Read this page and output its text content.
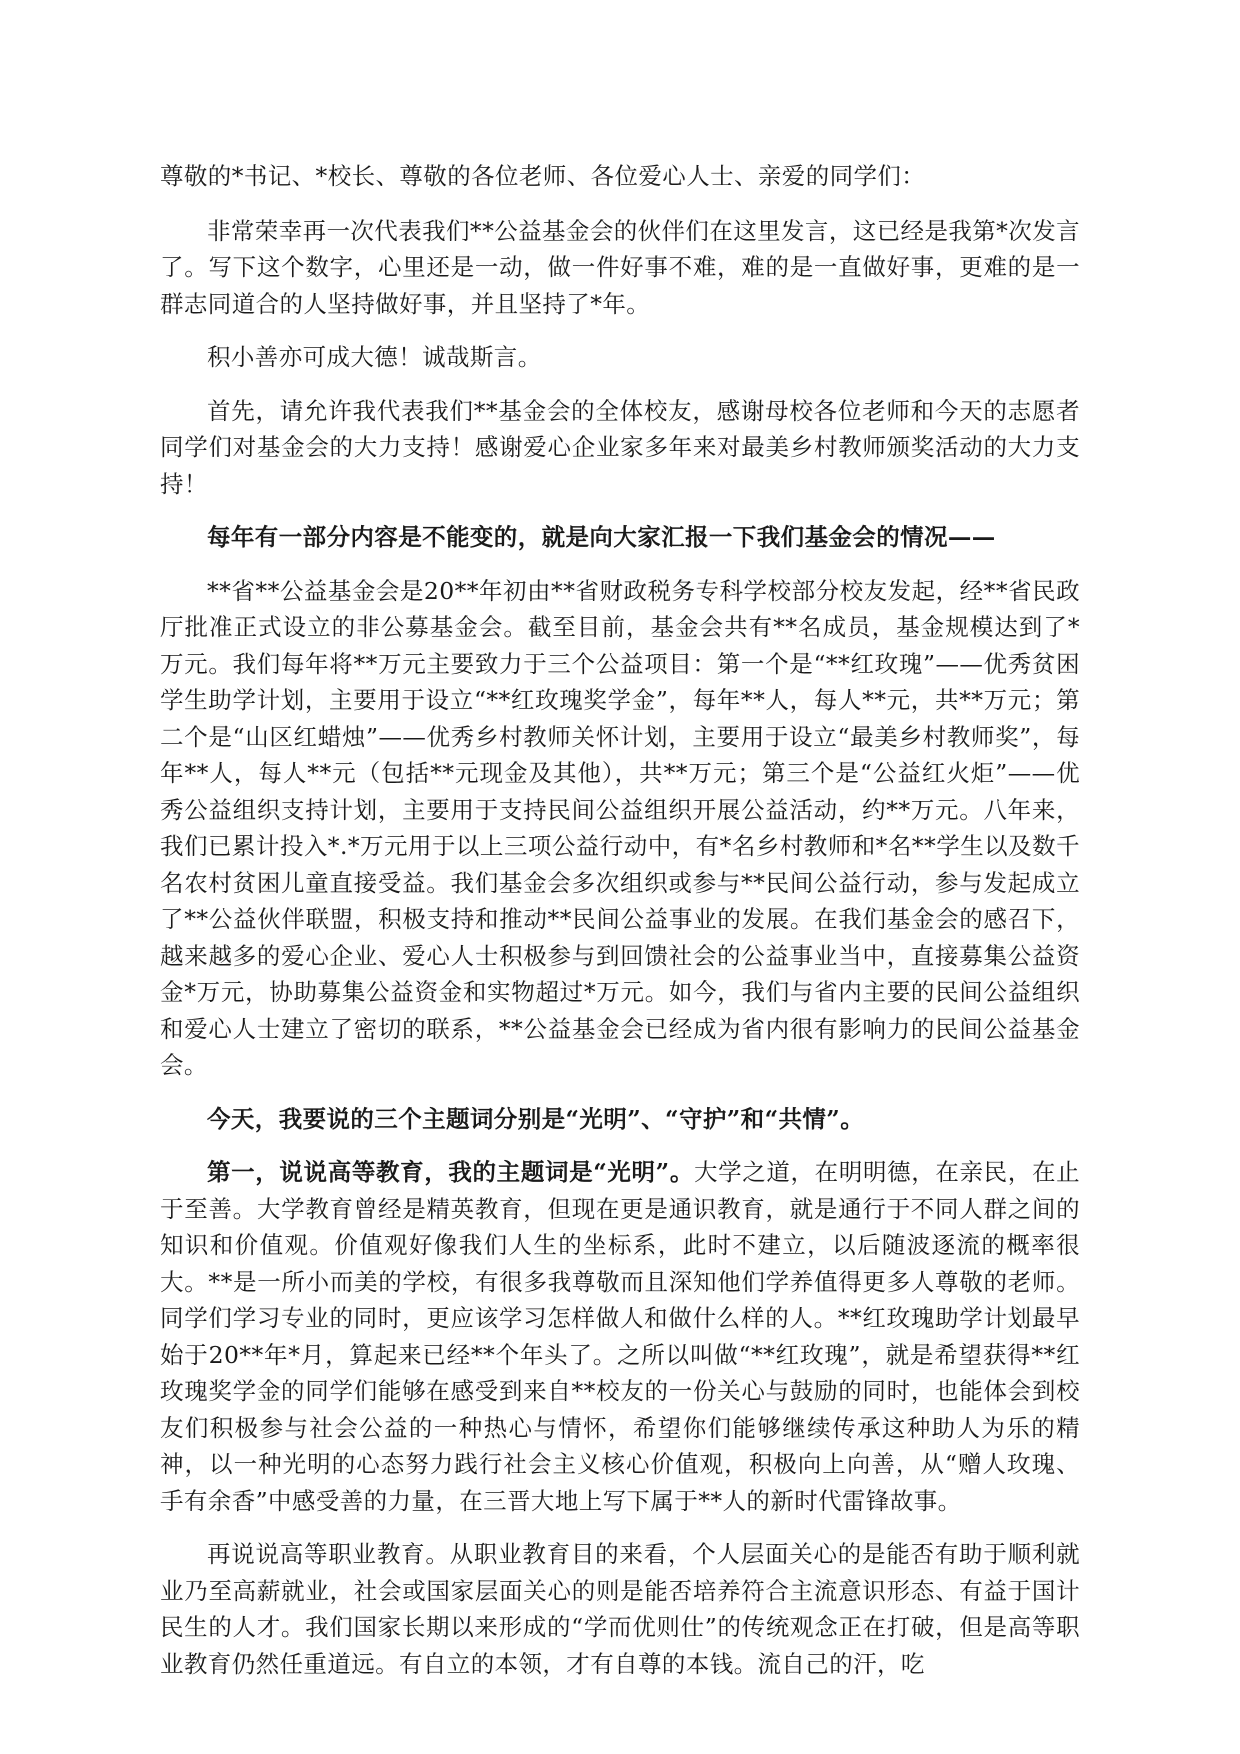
尊敬的*书记、*校长、尊敬的各位老师、各位爱心人士、亲爱的同学们：

非常荣幸再一次代表我们**公益基金会的伙伴们在这里发言，这已经是我第*次发言了。写下这个数字，心里还是一动，做一件好事不难，难的是一直做好事，更难的是一群志同道合的人坚持做好事，并且坚持了*年。

积小善亦可成大德！诚哉斯言。

首先，请允许我代表我们**基金会的全体校友，感谢母校各位老师和今天的志愿者同学们对基金会的大力支持！感谢爱心企业家多年来对最美乡村教师颁奖活动的大力支持！

每年有一部分内容是不能变的，就是向大家汇报一下我们基金会的情况——

**省**公益基金会是20**年初由**省财政税务专科学校部分校友发起，经**省民政厅批准正式设立的非公募基金会。截至目前，基金会共有**名成员，基金规模达到了*万元。我们每年将**万元主要致力于三个公益项目：第一个是“**红玫瑰”——优秀贫困学生助学计划，主要用于设立“**红玫瑰奖学金”，每年**人，每人**元，共**万元；第二个是“山区红蜡烛”——优秀乡村教师关怀计划，主要用于设立“最美乡村教师奖”，每年**人，每人**元（包括**元现金及其他），共**万元；第三个是“公益红火炬”——优秀公益组织支持计划，主要用于支持民间公益组织开展公益活动，约**万元。八年来，我们已累计投入*.*万元用于以上三项公益行动中，有*名乡村教师和*名**学生以及数千名农村贫困儿童直接受益。我们基金会多次组织或参与**民间公益行动，参与发起成立了**公益伙伴联盟，积极支持和推动**民间公益事业的发展。在我们基金会的感召下，越来越多的爱心企业、爱心人士积极参与到回馈社会的公益事业当中，直接募集公益资金*万元，协助募集公益资金和实物超过*万元。如今，我们与省内主要的民间公益组织和爱心人士建立了密切的联系，**公益基金会已经成为省内很有影响力的民间公益基金会。

今天，我要说的三个主题词分别是“光明”、“守护”和“共情”。

第一，说说高等教育，我的主题词是“光明”。大学之道，在明明德，在亲民，在止于至善。大学教育曾经是精英教育，但现在更是通识教育，就是通行于不同人群之间的知识和价值观。价值观好像我们人生的坐标系，此时不建立，以后随波逐流的概率很大。**是一所小而美的学校，有很多我尊敬而且深知他们学养值得更多人尊敬的老师。同学们学习专业的同时，更应该学习怎样做人和做什么样的人。**红玫瑰助学计划最早始于20**年*月，算起来已经**个年头了。之所以叫做“**红玫瑰”，就是希望获得**红玫瑰奖学金的同学们能够在感受到来自**校友的一份关心与鼓励的同时，也能体会到校友们积极参与社会公益的一种热心与情怀，希望你们能够继续传承这种助人为乐的精神，以一种光明的心态努力践行社会主义核心价值观，积极向上向善，从“赠人玫瑰、手有余香”中感受善的力量，在三晋大地上写下属于**人的新时代雷锋故事。

再说说高等职业教育。从职业教育目的来看，个人层面关心的是能否有助于顺利就业乃至高薪就业，社会或国家层面关心的则是能否培养符合主流意识形态、有益于国计民生的人才。我们国家长期以来形成的“学而优则仕”的传统观念正在打破，但是高等职业教育仍然任重道远。有自立的本领，才有自尊的本钱。流自己的汗，吃
